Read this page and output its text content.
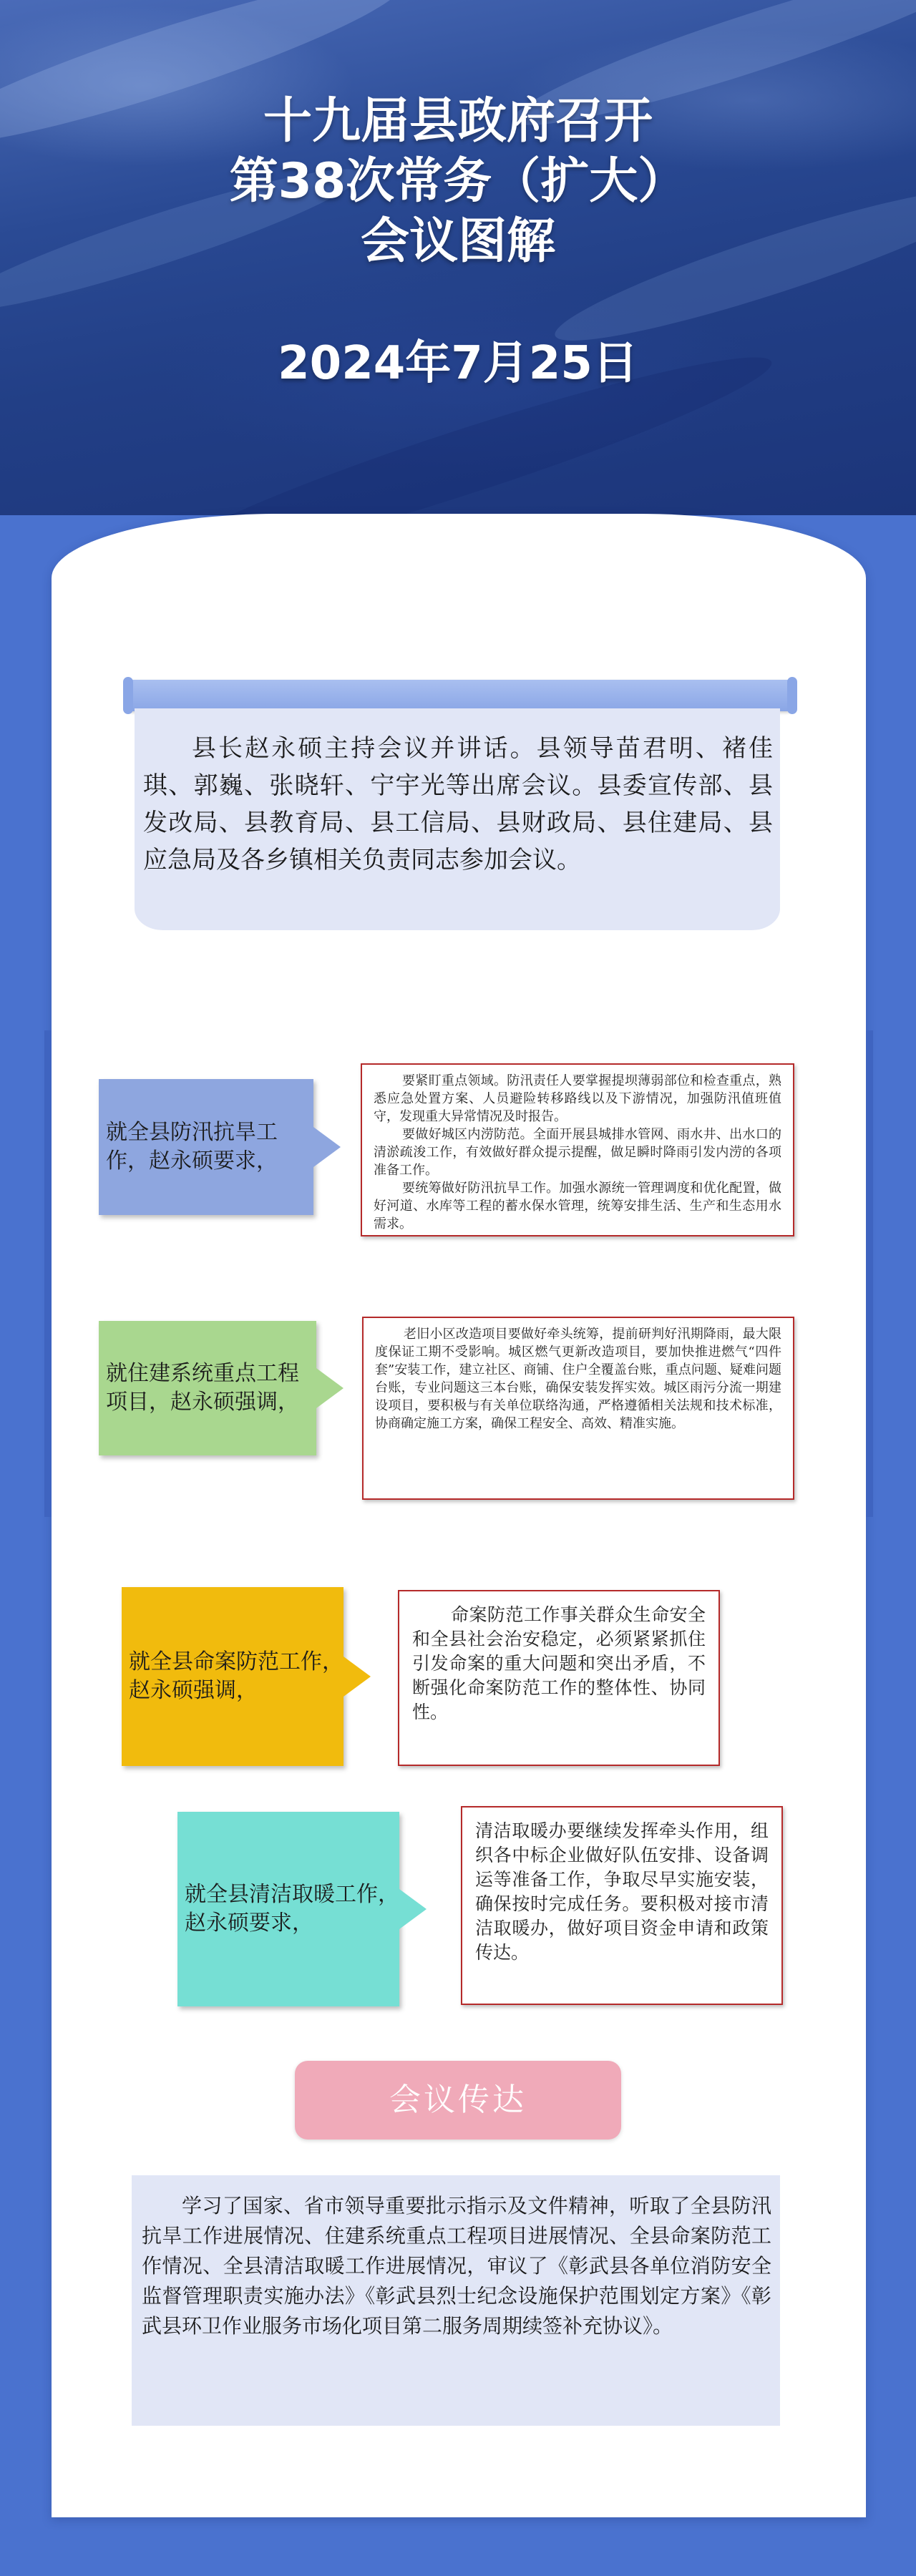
十九届县政府召开
第38次常务（扩大）
会议图解
2024年7月25日
县长赵永硕主持会议并讲话。县领导苗君明、褚佳琪、郭巍、张晓轩、宁宇光等出席会议。县委宣传部、县发改局、县教育局、县工信局、县财政局、县住建局、县应急局及各乡镇相关负责同志参加会议。
就全县防汛抗旱工作，赵永硕要求，

要紧盯重点领域。防汛责任人要掌握提坝薄弱部位和检查重点，熟悉应急处置方案、人员避险转移路线以及下游情况，加强防汛值班值守，发现重大异常情况及时报告。

要做好城区内涝防范。全面开展县城排水管网、雨水井、出水口的清淤疏浚工作，有效做好群众提示提醒，做足瞬时降雨引发内涝的各项准备工作。

要统筹做好防汛抗旱工作。加强水源统一管理调度和优化配置，做好河道、水库等工程的蓄水保水管理，统筹安排生活、生产和生态用水需求。

就住建系统重点工程项目，赵永硕强调，

老旧小区改造项目要做好牵头统筹，提前研判好汛期降雨，最大限度保证工期不受影响。城区燃气更新改造项目，要加快推进燃气“四件套”安装工作，建立社区、商铺、住户全覆盖台账，重点问题、疑难问题台账，专业问题这三本台账，确保安装发挥实效。城区雨污分流一期建设项目，要积极与有关单位联络沟通，严格遵循相关法规和技术标准，协商确定施工方案，确保工程安全、高效、精准实施。

就全县命案防范工作，赵永硕强调，

命案防范工作事关群众生命安全和全县社会治安稳定，必须紧紧抓住引发命案的重大问题和突出矛盾，不断强化命案防范工作的整体性、协同性。

就全县清洁取暖工作，赵永硕要求，

清洁取暖办要继续发挥牵头作用，组织各中标企业做好队伍安排、设备调运等准备工作，争取尽早实施安装，确保按时完成任务。要积极对接市清洁取暖办，做好项目资金申请和政策传达。

会议传达
学习了国家、省市领导重要批示指示及文件精神，听取了全县防汛抗旱工作进展情况、住建系统重点工程项目进展情况、全县命案防范工作情况、全县清洁取暖工作进展情况，审议了《彰武县各单位消防安全监督管理职责实施办法》《彰武县烈士纪念设施保护范围划定方案》《彰武县环卫作业服务市场化项目第二服务周期续签补充协议》。
